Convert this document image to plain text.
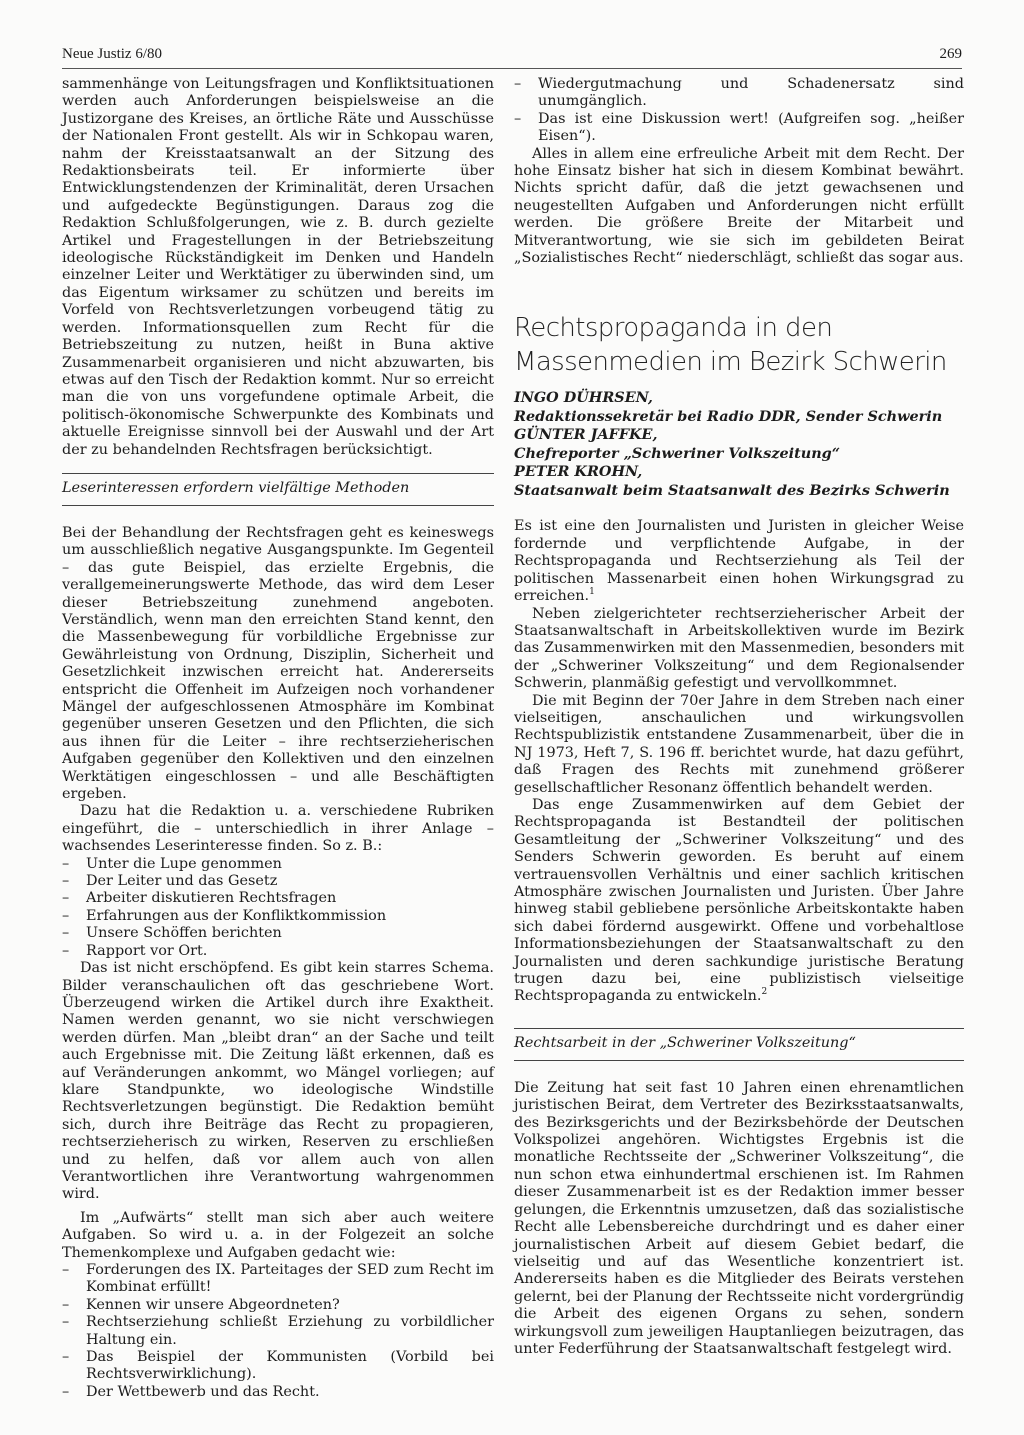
Neue Justiz 6/80	269

sammenhänge von Leitungsfragen und Konfliktsituationen werden auch Anforderungen beispielsweise an die Justizorgane des Kreises, an örtliche Räte und Ausschüsse der Nationalen Front gestellt. Als wir in Schkopau waren, nahm der Kreisstaatsanwalt an der Sitzung des Redaktionsbeirats teil. Er informierte über Entwicklungstendenzen der Kriminalität, deren Ursachen und aufgedeckte Begünstigungen. Daraus zog die Redaktion Schlußfolgerungen, wie z. B. durch gezielte Artikel und Fragestellungen in der Betriebszeitung ideologische Rückständigkeit im Denken und Handeln einzelner Leiter und Werktätiger zu überwinden sind, um das Eigentum wirksamer zu schützen und bereits im Vorfeld von Rechtsverletzungen vorbeugend tätig zu werden. Informationsquellen zum Recht für die Betriebszeitung zu nutzen, heißt in Buna aktive Zusammenarbeit organisieren und nicht abzuwarten, bis etwas auf den Tisch der Redaktion kommt. Nur so erreicht man die von uns vorgefundene optimale Arbeit, die politisch-ökonomische Schwerpunkte des Kombinats und aktuelle Ereignisse sinnvoll bei der Auswahl und der Art der zu behandelnden Rechtsfragen berücksichtigt.

Leserinteressen erfordern vielfältige Methoden

Bei der Behandlung der Rechtsfragen geht es keineswegs um ausschließlich negative Ausgangspunkte. Im Gegenteil – das gute Beispiel, das erzielte Ergebnis, die verallgemeinerungswerte Methode, das wird dem Leser dieser Betriebszeitung zunehmend angeboten. Verständlich, wenn man den erreichten Stand kennt, den die Massenbewegung für vorbildliche Ergebnisse zur Gewährleistung von Ordnung, Disziplin, Sicherheit und Gesetzlichkeit inzwischen erreicht hat. Andererseits entspricht die Offenheit im Aufzeigen noch vorhandener Mängel der aufgeschlossenen Atmosphäre im Kombinat gegenüber unseren Gesetzen und den Pflichten, die sich aus ihnen für die Leiter – ihre rechtserzieherischen Aufgaben gegenüber den Kollektiven und den einzelnen Werktätigen eingeschlossen – und alle Beschäftigten ergeben.

Dazu hat die Redaktion u. a. verschiedene Rubriken eingeführt, die – unterschiedlich in ihrer Anlage – wachsendes Leserinteresse finden. So z. B.:

– Unter die Lupe genommen
– Der Leiter und das Gesetz
– Arbeiter diskutieren Rechtsfragen
– Erfahrungen aus der Konfliktkommission
– Unsere Schöffen berichten
– Rapport vor Ort.

Das ist nicht erschöpfend. Es gibt kein starres Schema. Bilder veranschaulichen oft das geschriebene Wort. Überzeugend wirken die Artikel durch ihre Exaktheit. Namen werden genannt, wo sie nicht verschwiegen werden dürfen. Man „bleibt dran“ an der Sache und teilt auch Ergebnisse mit. Die Zeitung läßt erkennen, daß es auf Veränderungen ankommt, wo Mängel vorliegen; auf klare Standpunkte, wo ideologische Windstille Rechtsverletzungen begünstigt. Die Redaktion bemüht sich, durch ihre Beiträge das Recht zu propagieren, rechtserzieherisch zu wirken, Reserven zu erschließen und zu helfen, daß vor allem auch von allen Verantwortlichen ihre Verantwortung wahrgenommen wird.

Im „Aufwärts“ stellt man sich aber auch weitere Aufgaben. So wird u. a. in der Folgezeit an solche Themenkomplexe und Aufgaben gedacht wie:

– Forderungen des IX. Parteitages der SED zum Recht im Kombinat erfüllt!
– Kennen wir unsere Abgeordneten?
– Rechtserziehung schließt Erziehung zu vorbildlicher Haltung ein.
– Das Beispiel der Kommunisten (Vorbild bei Rechtsverwirklichung).
– Der Wettbewerb und das Recht.
– Wiedergutmachung und Schadenersatz sind unumgänglich.
– Das ist eine Diskussion wert! (Aufgreifen sog. „heißer Eisen“).

Alles in allem eine erfreuliche Arbeit mit dem Recht. Der hohe Einsatz bisher hat sich in diesem Kombinat bewährt. Nichts spricht dafür, daß die jetzt gewachsenen und neugestellten Aufgaben und Anforderungen nicht erfüllt werden. Die größere Breite der Mitarbeit und Mitverantwortung, wie sie sich im gebildeten Beirat „Sozialistisches Recht“ niederschlägt, schließt das sogar aus.

Rechtspropaganda in den Massenmedien im Bezirk Schwerin
INGO DÜHRSEN,
Redaktionssekretär bei Radio DDR, Sender Schwerin
GÜNTER JAFFKE,
Chefreporter „Schweriner Volkszeitung“
PETER KROHN,
Staatsanwalt beim Staatsanwalt des Bezirks Schwerin

Es ist eine den Journalisten und Juristen in gleicher Weise fordernde und verpflichtende Aufgabe, in der Rechtspropaganda und Rechtserziehung als Teil der politischen Massenarbeit einen hohen Wirkungsgrad zu erreichen.$^1$

Neben zielgerichteter rechtserzieherischer Arbeit der Staatsanwaltschaft in Arbeitskollektiven wurde im Bezirk das Zusammenwirken mit den Massenmedien, besonders mit der „Schweriner Volkszeitung“ und dem Regionalsender Schwerin, planmäßig gefestigt und vervollkommnet.

Die mit Beginn der 70er Jahre in dem Streben nach einer vielseitigen, anschaulichen und wirkungsvollen Rechtspublizistik entstandene Zusammenarbeit, über die in NJ 1973, Heft 7, S. 196 ff. berichtet wurde, hat dazu geführt, daß Fragen des Rechts mit zunehmend größerer gesellschaftlicher Resonanz öffentlich behandelt werden.

Das enge Zusammenwirken auf dem Gebiet der Rechtspropaganda ist Bestandteil der politischen Gesamtleitung der „Schweriner Volkszeitung“ und des Senders Schwerin geworden. Es beruht auf einem vertrauensvollen Verhältnis und einer sachlich kritischen Atmosphäre zwischen Journalisten und Juristen. Über Jahre hinweg stabil gebliebene persönliche Arbeitskontakte haben sich dabei fördernd ausgewirkt. Offene und vorbehaltlose Informationsbeziehungen der Staatsanwaltschaft zu den Journalisten und deren sachkundige juristische Beratung trugen dazu bei, eine publizistisch vielseitige Rechtspropaganda zu entwickeln.$^2$

Rechtsarbeit in der „Schweriner Volkszeitung“

Die Zeitung hat seit fast 10 Jahren einen ehrenamtlichen juristischen Beirat, dem Vertreter des Bezirksstaatsanwalts, des Bezirksgerichts und der Bezirksbehörde der Deutschen Volkspolizei angehören. Wichtigstes Ergebnis ist die monatliche Rechtsseite der „Schweriner Volkszeitung“, die nun schon etwa einhundertmal erschienen ist. Im Rahmen dieser Zusammenarbeit ist es der Redaktion immer besser gelungen, die Erkenntnis umzusetzen, daß das sozialistische Recht alle Lebensbereiche durchdringt und es daher einer journalistischen Arbeit auf diesem Gebiet bedarf, die vielseitig und auf das Wesentliche konzentriert ist. Andererseits haben es die Mitglieder des Beirats verstehen gelernt, bei der Planung der Rechtsseite nicht vordergründig die Arbeit des eigenen Organs zu sehen, sondern wirkungsvoll zum jeweiligen Hauptanliegen beizutragen, das unter Federführung der Staatsanwaltschaft festgelegt wird.
